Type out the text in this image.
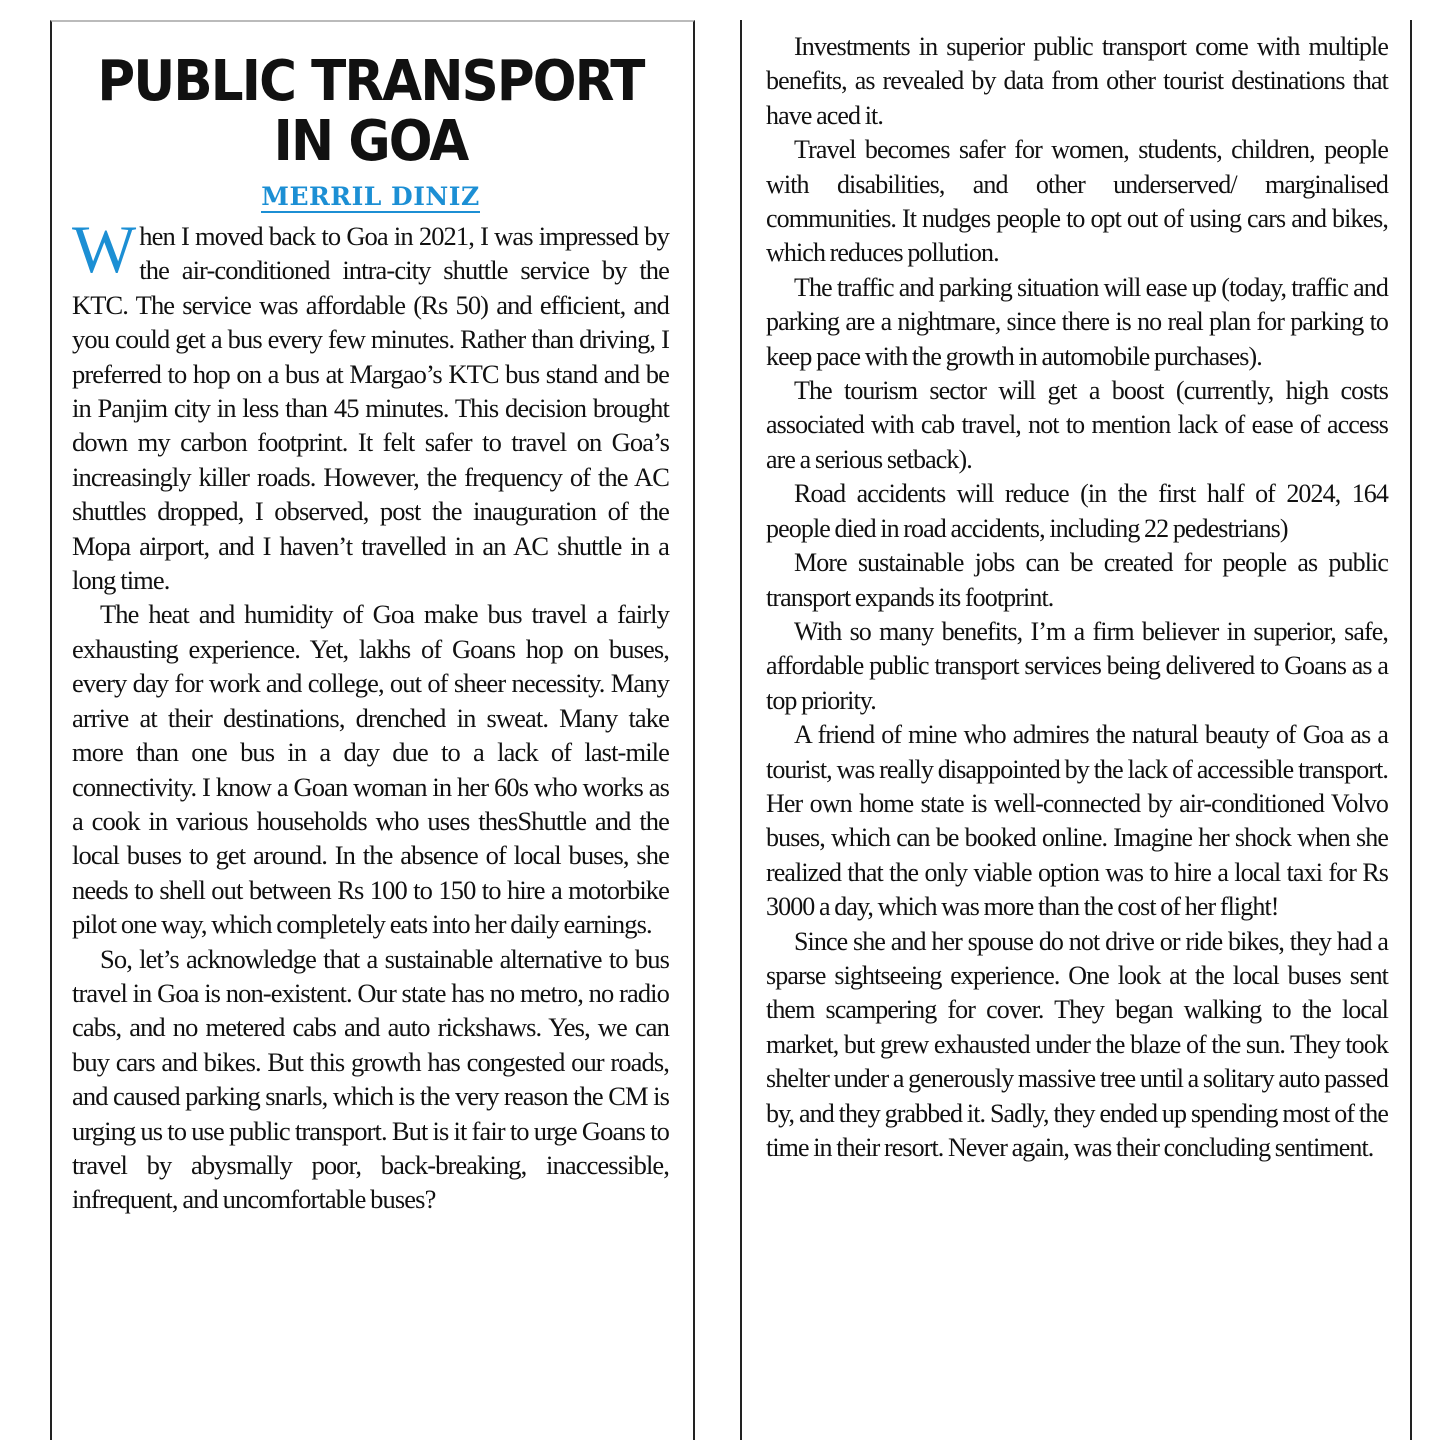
PUBLIC TRANSPORT
IN GOA
MERRIL DINIZ

When I moved back to Goa in 2021, I was impressed by the air-conditioned intra-city shuttle service by the KTC. The service was affordable (Rs 50) and efficient, and you could get a bus every few minutes. Rather than driving, I preferred to hop on a bus at Margao’s KTC bus stand and be in Panjim city in less than 45 minutes. This decision brought down my carbon footprint. It felt safer to travel on Goa’s increasingly killer roads. However, the frequency of the AC shuttles dropped, I observed, post the inauguration of the Mopa airport, and I haven’t travelled in an AC shuttle in a long time.

The heat and humidity of Goa make bus travel a fairly exhausting experience. Yet, lakhs of Goans hop on buses, every day for work and college, out of sheer necessity. Many arrive at their destinations, drenched in sweat. Many take more than one bus in a day due to a lack of last-mile connectivity. I know a Goan woman in her 60s who works as a cook in various households who uses thesShuttle and the local buses to get around. In the absence of local buses, she needs to shell out between Rs 100 to 150 to hire a motorbike pilot one way, which completely eats into her daily earnings.

So, let’s acknowledge that a sustainable alternative to bus travel in Goa is non-existent. Our state has no metro, no radio cabs, and no metered cabs and auto rickshaws. Yes, we can buy cars and bikes. But this growth has congested our roads, and caused parking snarls, which is the very reason the CM is urging us to use public transport. But is it fair to urge Goans to travel by abysmally poor, back-breaking, inaccessible, infrequent, and uncomfortable buses?

Investments in superior public transport come with multiple benefits, as revealed by data from other tourist destinations that have aced it.

Travel becomes safer for women, students, children, people with disabilities, and other underserved/ marginalised communities. It nudges people to opt out of using cars and bikes, which reduces pollution.

The traffic and parking situation will ease up (today, traffic and parking are a nightmare, since there is no real plan for parking to keep pace with the growth in automobile purchases).

The tourism sector will get a boost (currently, high costs associated with cab travel, not to mention lack of ease of access are a serious setback).

Road accidents will reduce (in the first half of 2024, 164 people died in road accidents, including 22 pedestrians)

More sustainable jobs can be created for people as public transport expands its footprint.

With so many benefits, I’m a firm believer in superior, safe, affordable public transport services being delivered to Goans as a top priority.

A friend of mine who admires the natural beauty of Goa as a tourist, was really disappointed by the lack of accessible transport. Her own home state is well-connected by air-conditioned Volvo buses, which can be booked online. Imagine her shock when she realized that the only viable option was to hire a local taxi for Rs 3000 a day, which was more than the cost of her flight!

Since she and her spouse do not drive or ride bikes, they had a sparse sightseeing experience. One look at the local buses sent them scampering for cover. They began walking to the local market, but grew exhausted under the blaze of the sun. They took shelter under a generously massive tree until a solitary auto passed by, and they grabbed it. Sadly, they ended up spending most of the time in their resort. Never again, was their concluding sentiment.
